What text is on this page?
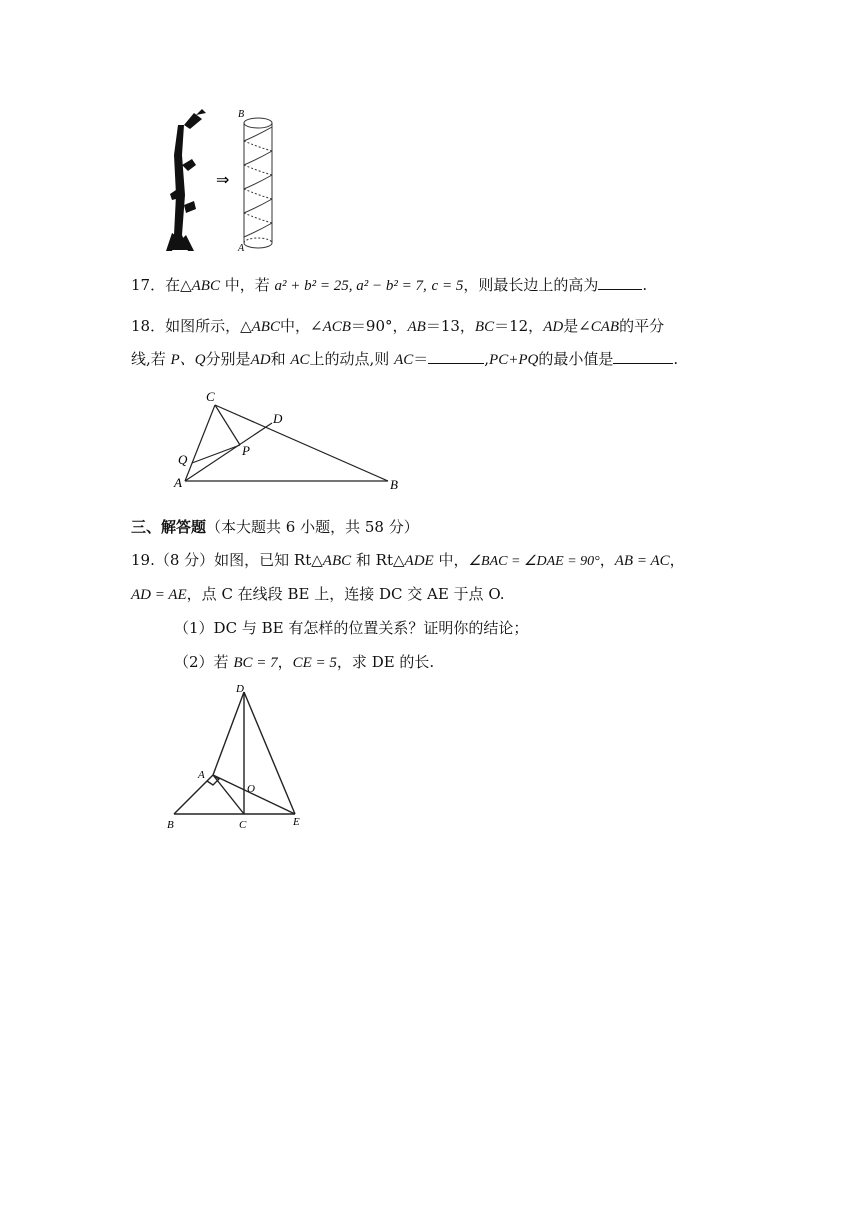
⇒
B
A
17．在△ABC 中，若 a² + b² = 25, a² − b² = 7, c = 5，则最长边上的高为	.
18．如图所示，△ABC中，∠ACB＝90°，AB＝13，BC＝12，AD是∠CAB的平分
线,若 P、Q分别是AD和 AC上的动点,则 AC＝	,PC+PQ的最小值是	.
C
D
Q
P
A	B
三、解答题（本大题共 6 小题，共 58 分）
19.（8 分）如图，已知 Rt△ABC 和 Rt△ADE 中，∠BAC = ∠DAE = 90°，AB = AC，
AD = AE，点 C 在线段 BE 上，连接 DC 交 AE 于点 O.
（1）DC 与 BE 有怎样的位置关系？证明你的结论；
（2）若 BC = 7，CE = 5，求 DE 的长.
D
A
O
B	C	E
